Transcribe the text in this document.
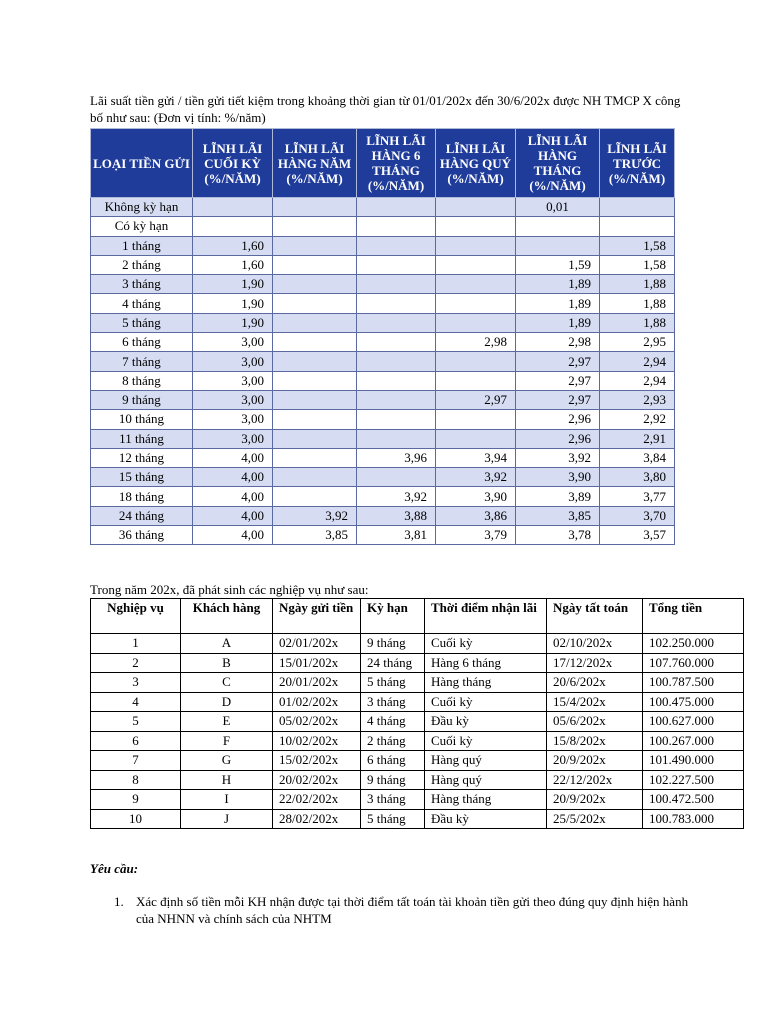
Lãi suất tiền gửi / tiền gửi tiết kiệm trong khoảng thời gian từ 01/01/202x đến 30/6/202x được NH TMCP X công bố như sau: (Đơn vị tính: %/năm)
LOẠI TIỀN GỬI	LĨNH LÃI CUỐI KỲ (%/NĂM)	LĨNH LÃI HÀNG NĂM (%/NĂM)	LĨNH LÃI HÀNG 6 THÁNG (%/NĂM)	LĨNH LÃI HÀNG QUÝ (%/NĂM)	LĨNH LÃI HÀNG THÁNG (%/NĂM)	LĨNH LÃI TRƯỚC (%/NĂM)
Không kỳ hạn					0,01	
Có kỳ hạn						
1 tháng	1,60					1,58
2 tháng	1,60				1,59	1,58
3 tháng	1,90				1,89	1,88
4 tháng	1,90				1,89	1,88
5 tháng	1,90				1,89	1,88
6 tháng	3,00			2,98	2,98	2,95
7 tháng	3,00				2,97	2,94
8 tháng	3,00				2,97	2,94
9 tháng	3,00			2,97	2,97	2,93
10 tháng	3,00				2,96	2,92
11 tháng	3,00				2,96	2,91
12 tháng	4,00		3,96	3,94	3,92	3,84
15 tháng	4,00			3,92	3,90	3,80
18 tháng	4,00		3,92	3,90	3,89	3,77
24 tháng	4,00	3,92	3,88	3,86	3,85	3,70
36 tháng	4,00	3,85	3,81	3,79	3,78	3,57
Trong năm 202x, đã phát sinh các nghiệp vụ như sau:
Nghiệp vụ	Khách hàng	Ngày gửi tiền	Kỳ hạn	Thời điểm nhận lãi	Ngày tất toán	Tổng tiền
1	A	02/01/202x	9 tháng	Cuối kỳ	02/10/202x	102.250.000
2	B	15/01/202x	24 tháng	Hàng 6 tháng	17/12/202x	107.760.000
3	C	20/01/202x	5 tháng	Hàng tháng	20/6/202x	100.787.500
4	D	01/02/202x	3 tháng	Cuối kỳ	15/4/202x	100.475.000
5	E	05/02/202x	4 tháng	Đầu kỳ	05/6/202x	100.627.000
6	F	10/02/202x	2 tháng	Cuối kỳ	15/8/202x	100.267.000
7	G	15/02/202x	6 tháng	Hàng quý	20/9/202x	101.490.000
8	H	20/02/202x	9 tháng	Hàng quý	22/12/202x	102.227.500
9	I	22/02/202x	3 tháng	Hàng tháng	20/9/202x	100.472.500
10	J	28/02/202x	5 tháng	Đầu kỳ	25/5/202x	100.783.000
Yêu cầu:
1. Xác định số tiền mỗi KH nhận được tại thời điểm tất toán tài khoản tiền gửi theo đúng quy định hiện hành của NHNN và chính sách của NHTM
